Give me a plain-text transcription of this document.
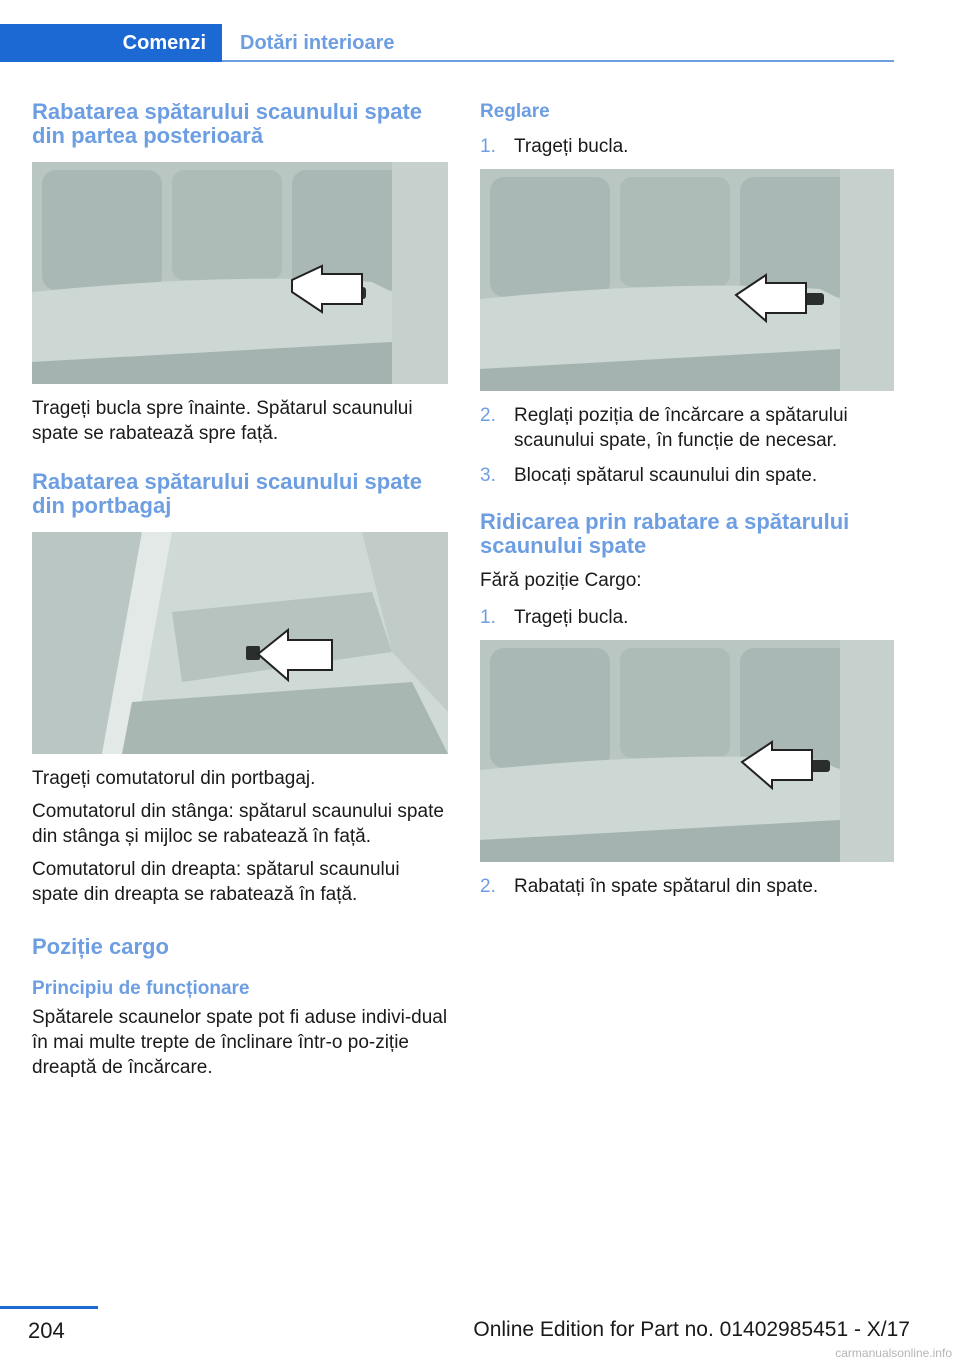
Comenzi	Dotări interioare
Rabatarea spătarului scaunului spate din partea posterioară

Trageți bucla spre înainte. Spătarul scaunului spate se rabatează spre față.

Rabatarea spătarului scaunului spate din portbagaj

Trageți comutatorul din portbagaj.

Comutatorul din stânga: spătarul scaunului spate din stânga și mijloc se rabatează în față.

Comutatorul din dreapta: spătarul scaunului spate din dreapta se rabatează în față.

Poziție cargo
Principiu de funcționare

Spătarele scaunelor spate pot fi aduse indivi-dual în mai multe trepte de înclinare într-o po-ziție dreaptă de încărcare.

Reglare
1. Trageți bucla.
2. Reglați poziția de încărcare a spătarului scaunului spate, în funcție de necesar.
3. Blocați spătarul scaunului din spate.
Ridicarea prin rabatare a spătarului scaunului spate

Fără poziție Cargo:

1. Trageți bucla.
2. Rabatați în spate spătarul din spate.
204	Online Edition for Part no. 01402985451 - X/17
carmanualsonline.info
